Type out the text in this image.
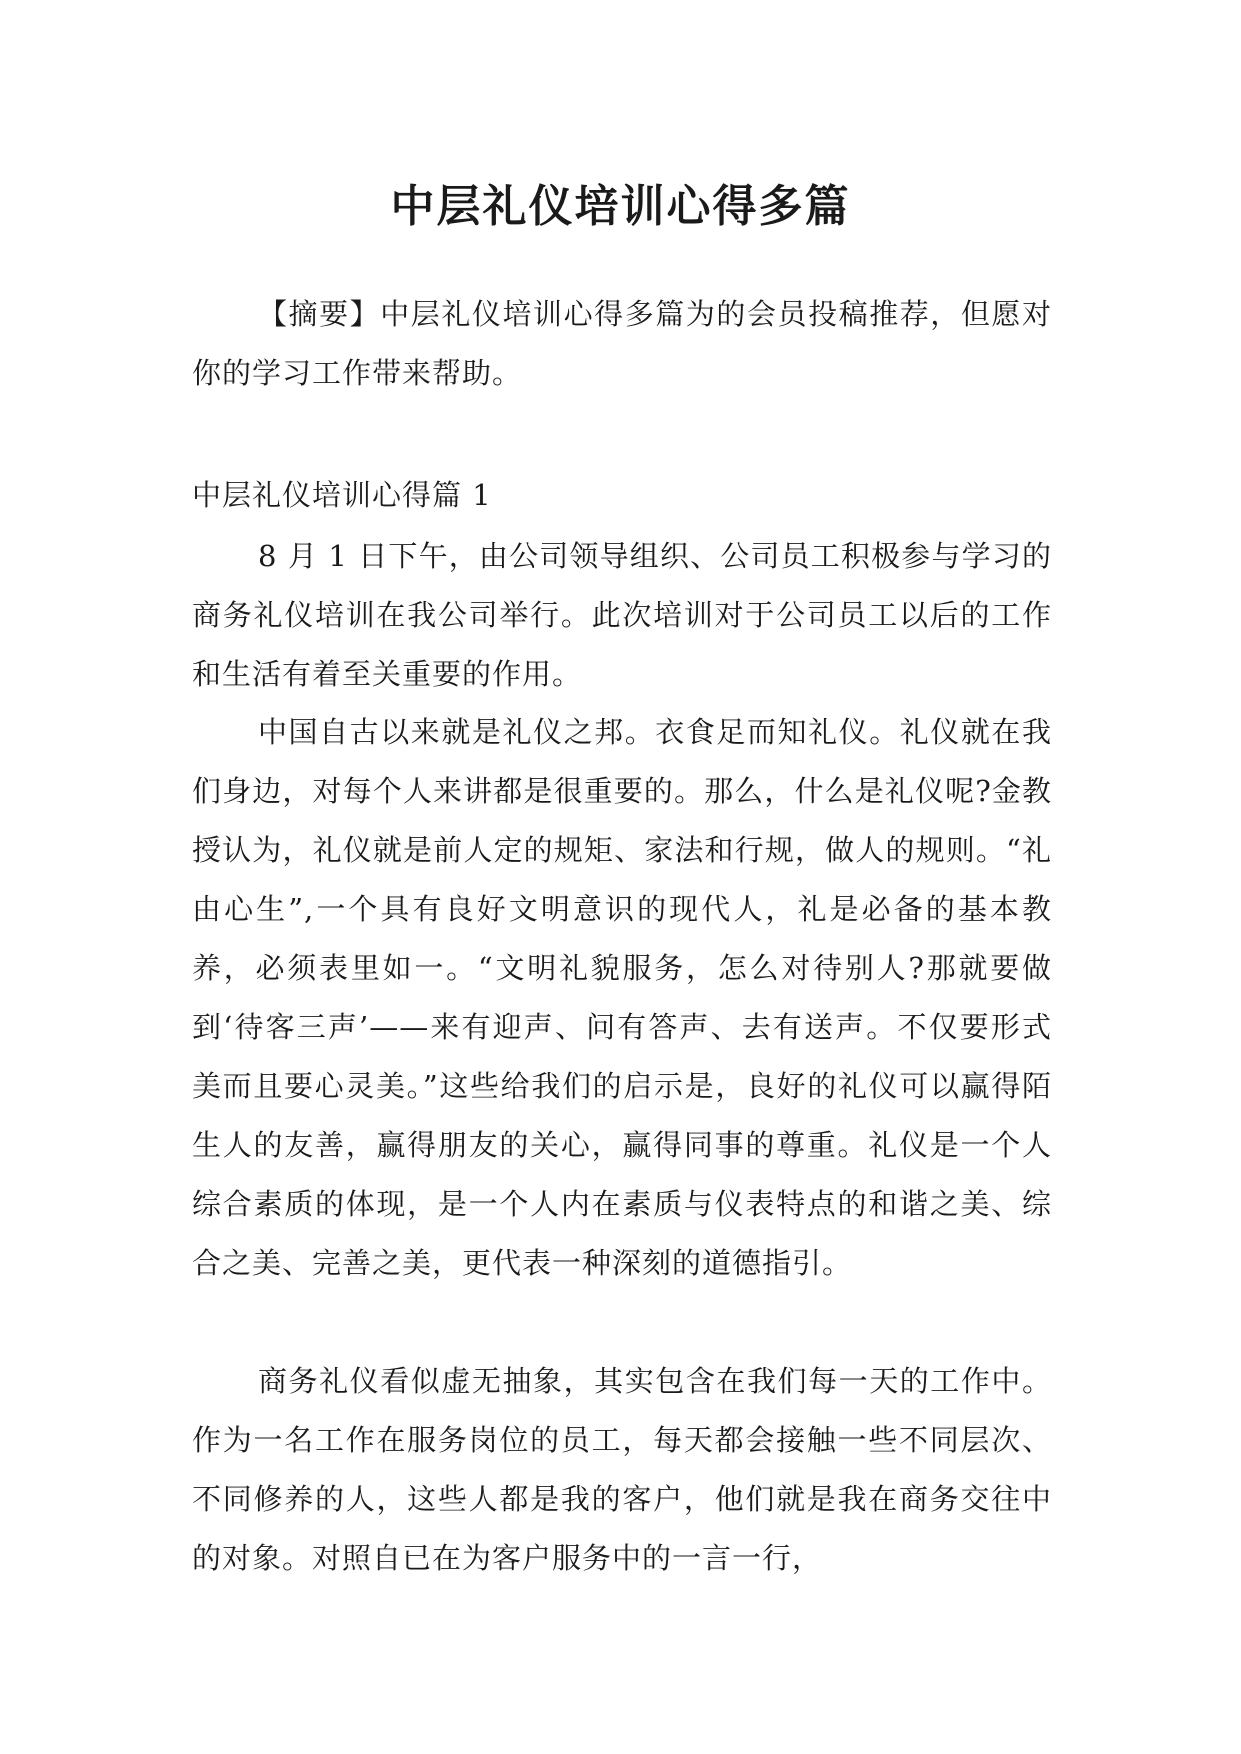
中层礼仪培训心得多篇

【摘要】中层礼仪培训心得多篇为的会员投稿推荐，但愿对你的学习工作带来帮助。

中层礼仪培训心得篇 1

8 月 1 日下午，由公司领导组织、公司员工积极参与学习的商务礼仪培训在我公司举行。此次培训对于公司员工以后的工作和生活有着至关重要的作用。

中国自古以来就是礼仪之邦。衣食足而知礼仪。礼仪就在我们身边，对每个人来讲都是很重要的。那么，什么是礼仪呢?金教授认为，礼仪就是前人定的规矩、家法和行规，做人的规则。“礼由心生”,一个具有良好文明意识的现代人，礼是必备的基本教养，必须表里如一。“文明礼貌服务，怎么对待别人?那就要做到‘待客三声’——来有迎声、问有答声、去有送声。不仅要形式美而且要心灵美。”这些给我们的启示是，良好的礼仪可以赢得陌生人的友善，赢得朋友的关心，赢得同事的尊重。礼仪是一个人综合素质的体现，是一个人内在素质与仪表特点的和谐之美、综合之美、完善之美，更代表一种深刻的道德指引。

商务礼仪看似虚无抽象，其实包含在我们每一天的工作中。作为一名工作在服务岗位的员工，每天都会接触一些不同层次、不同修养的人，这些人都是我的客户，他们就是我在商务交往中的对象。对照自已在为客户服务中的一言一行，
